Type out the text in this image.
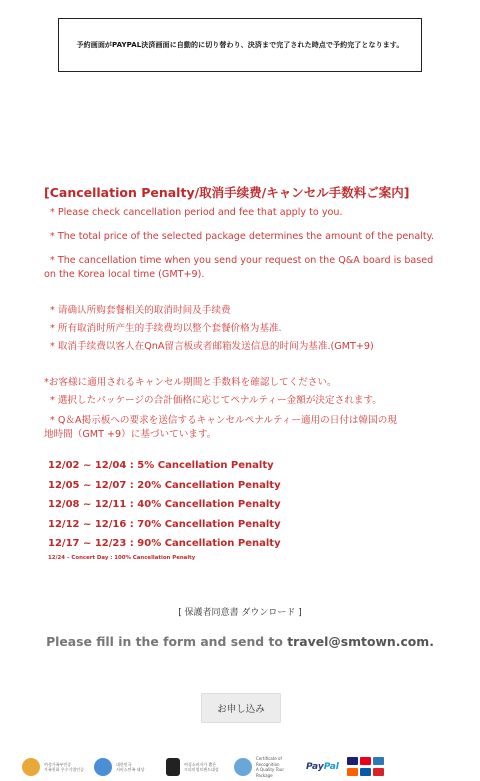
予約画面がPAYPAL決済画面に自動的に切り替わり、決済まで完了された時点で予約完了となります。
[Cancellation Penalty/取消手续费/キャンセル手数料ご案内]
* Please check cancellation period and fee that apply to you.
* The total price of the selected package determines the amount of the penalty.
* The cancellation time when you send your request on the Q&A board is based
on the Korea local time (GMT+9).
* 请确认所购套餐相关的取消时间及手续费
* 所有取消时所产生的手续费均以整个套餐价格为基准.
* 取消手续费以客人在QnA留言板或者邮箱发送信息的时间为基准.(GMT+9)
*お客様に適用されるキャンセル期間と手数料を確認してください。
* 選択したパッケージの合計価格に応じてペナルティー金額が決定されます。
* Q＆A掲示板への要求を送信するキャンセルペナルティー適用の日付は韓国の現
地時間（GMT +9）に基づいています。
12/02 ~ 12/04 : 5% Cancellation Penalty
12/05 ~ 12/07 : 20% Cancellation Penalty
12/08 ~ 12/11 : 40% Cancellation Penalty
12/12 ~ 12/16 : 70% Cancellation Penalty
12/17 ~ 12/23 : 90% Cancellation Penalty
12/24 – Concert Day : 100% Cancellation Penalty
[ 保護者同意書 ダウンロード ]
Please fill in the form and send to travel@smtown.com.
お申し込み
여성가족부인증
가족친화 우수기업인증
대한민국
서비스만족 대상
여성소비자가 뽑은
프리미엄브랜드대상
Certificate of Recognition
A Quality Tour Package
PayPal
